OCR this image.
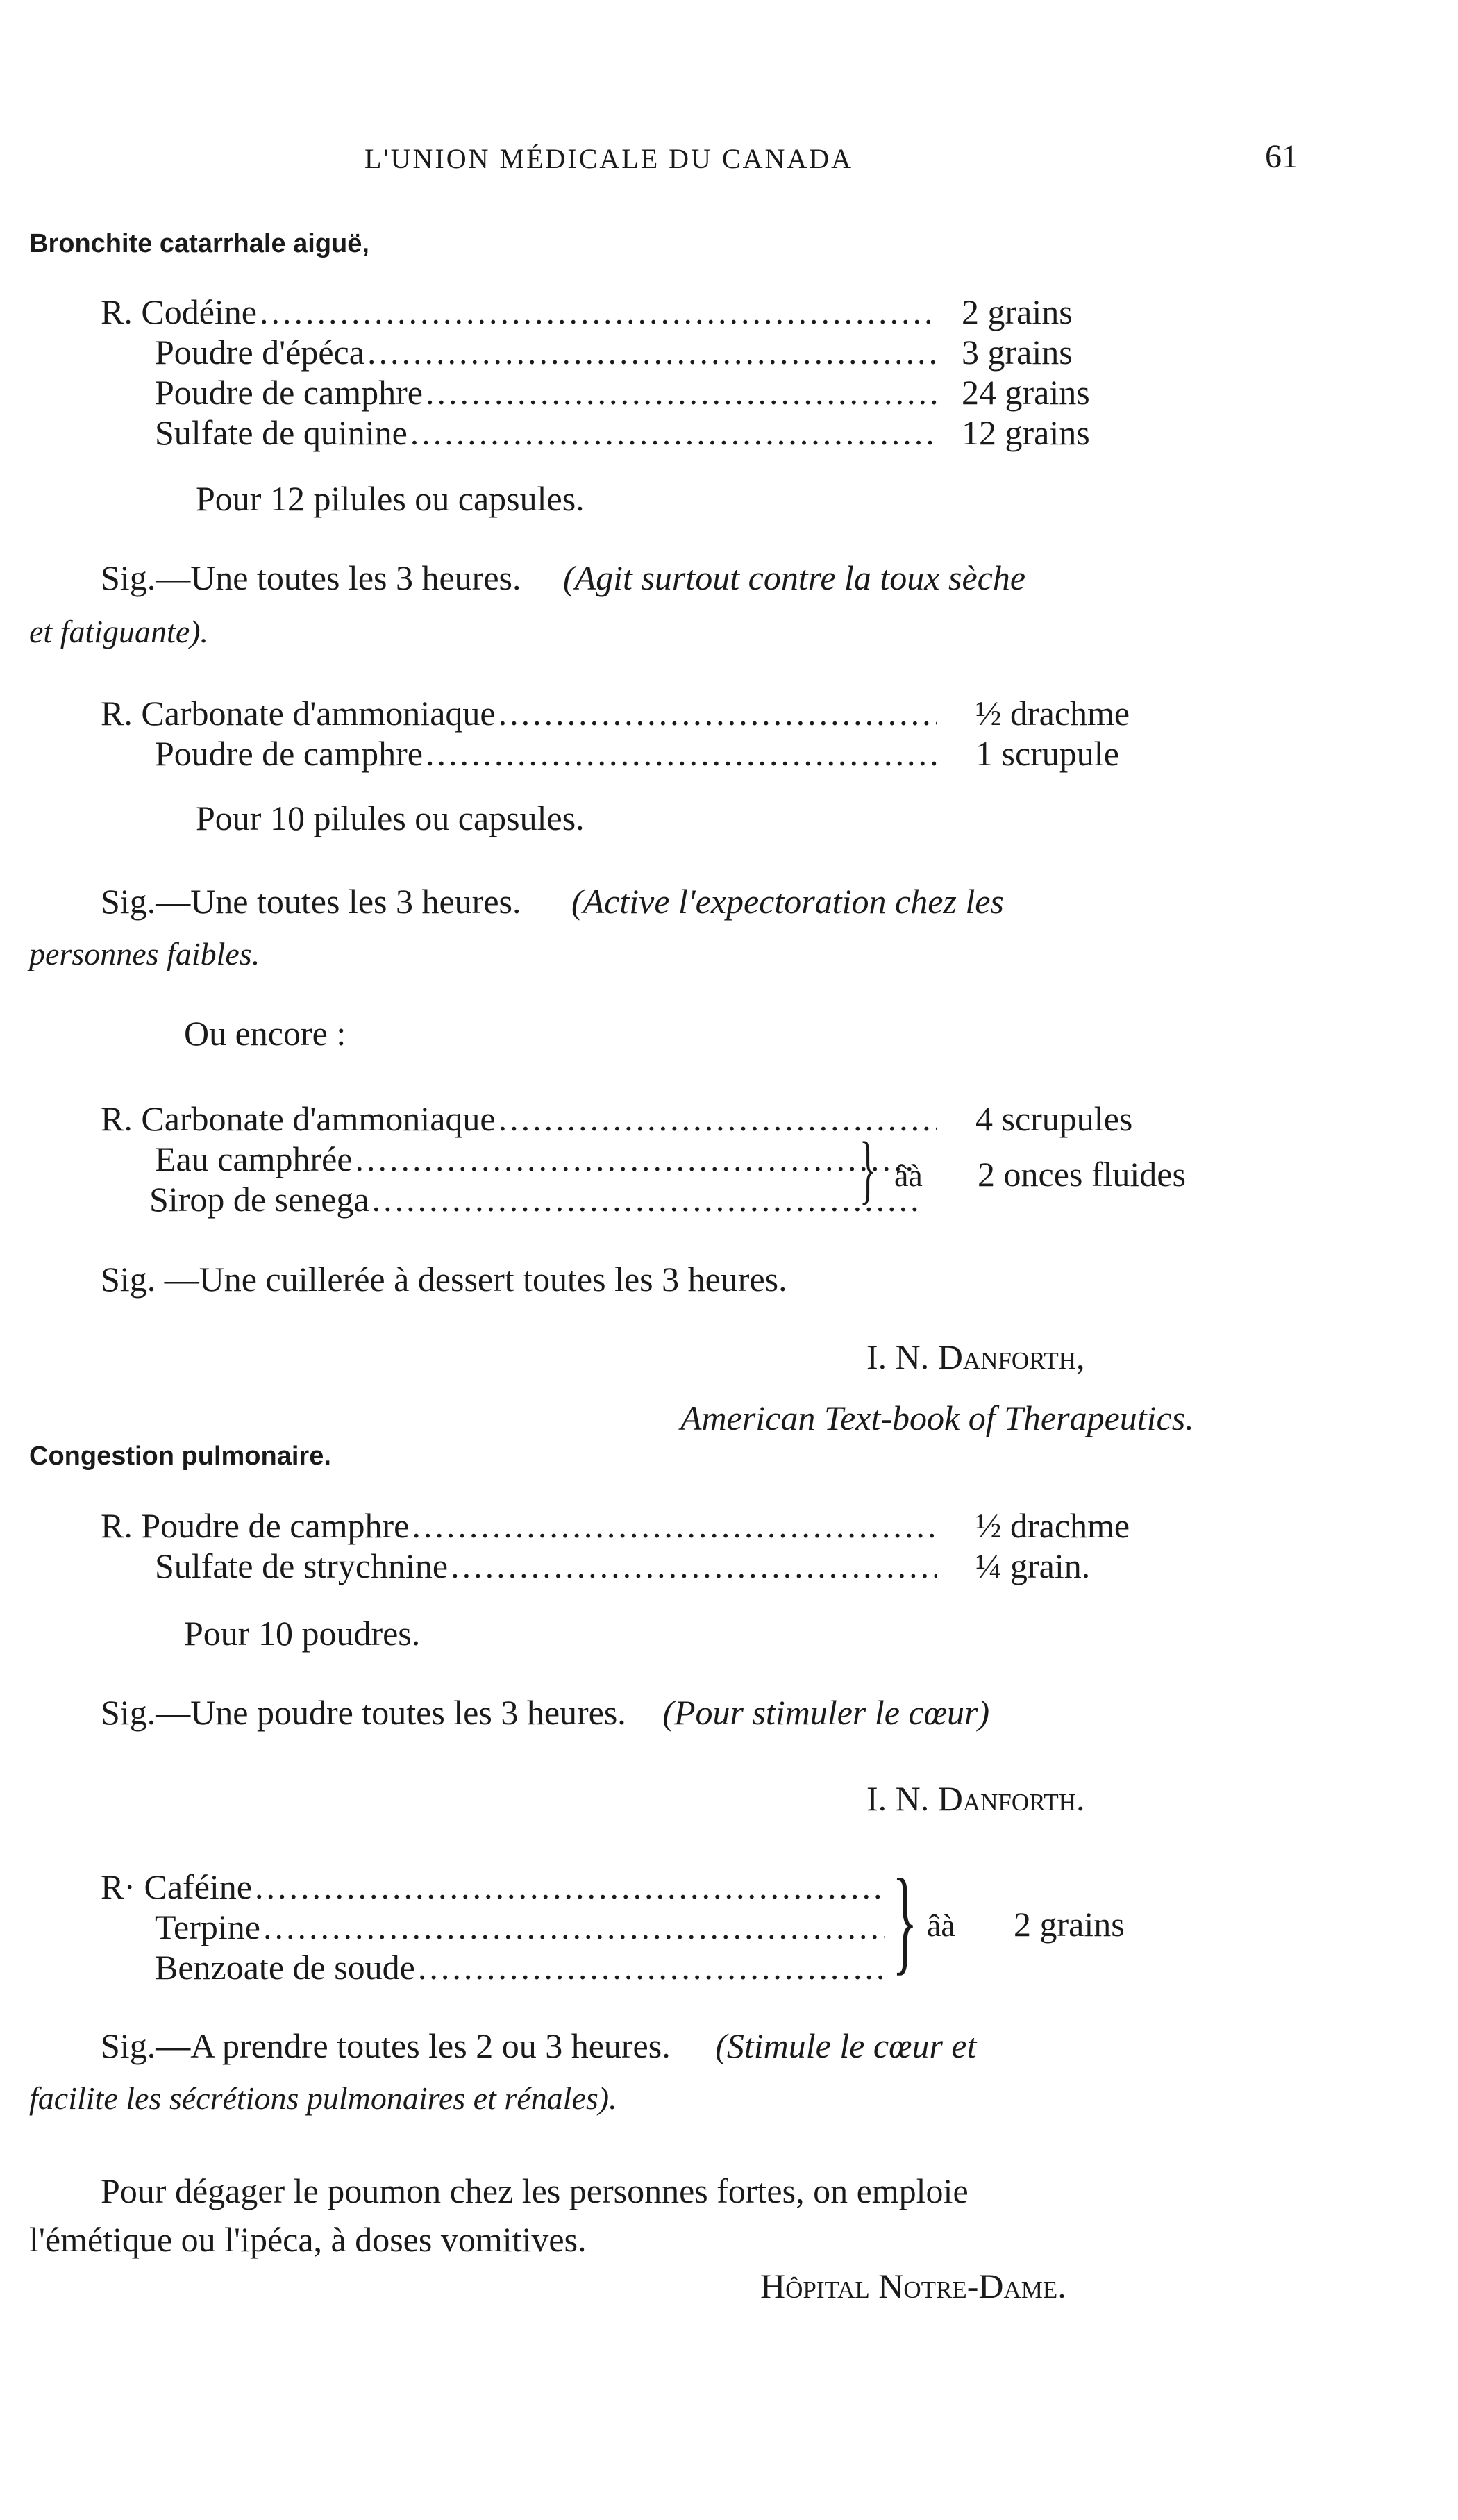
L'UNION MÉDICALE DU CANADA	61
Bronchite catarrhale aiguë,
R. Codéine
.....
Poudre d'épéca
.....
Poudre de camphre
.....
Sulfate de quinine
.....
2 grains
3 grains
24 grains
12 grains
Pour 12 pilules ou capsules.
Sig.—Une toutes les 3 heures. (Agit surtout contre la toux sèche
et fatiguante).
R. Carbonate d'ammoniaque
.....
Poudre de camphre
.....
½ drachme
1 scrupule
Pour 10 pilules ou capsules.
Sig.—Une toutes les 3 heures. (Active l'expectoration chez les
personnes faibles.
Ou encore :
R. Carbonate d'ammoniaque
.....
Eau camphrée
.....
Sirop de senega
.....
4 scrupules
} âà 2 onces fluides
Sig. —Une cuillerée à dessert toutes les 3 heures.
I. N. Danforth,
American Text-book of Therapeutics.
Congestion pulmonaire.
R. Poudre de camphre
.....
Sulfate de strychnine
.....
½ drachme
¼ grain.
Pour 10 poudres.
Sig.—Une poudre toutes les 3 heures. (Pour stimuler le cœur)
I. N. Danforth.
R· Caféine
.....
Terpine
.....
Benzoate de soude
.....	} âà 2 grains
Sig.—A prendre toutes les 2 ou 3 heures. (Stimule le cœur et
facilite les sécrétions pulmonaires et rénales).
Pour dégager le poumon chez les personnes fortes, on emploie
l'émétique ou l'ipéca, à doses vomitives.
Hôpital Notre-Dame.
